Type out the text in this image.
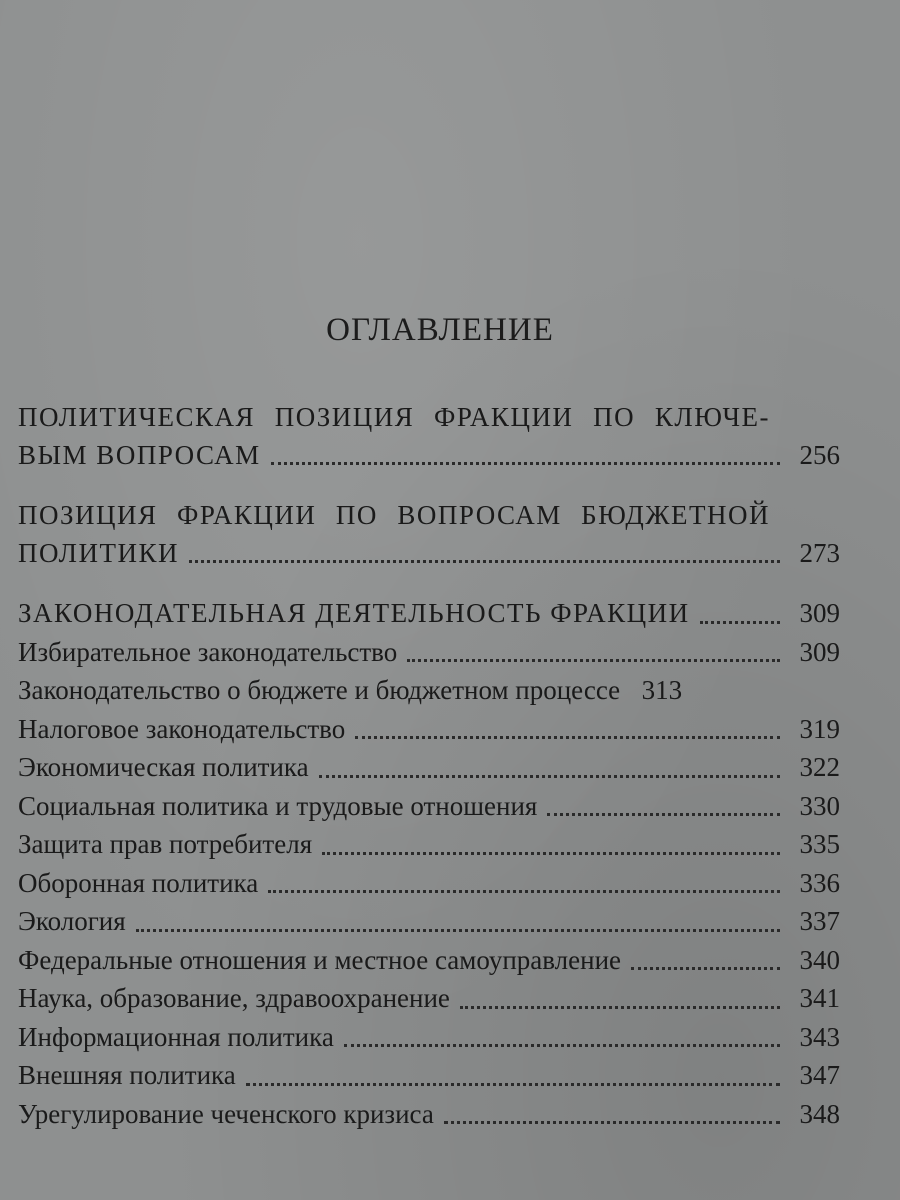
ОГЛАВЛЕНИЕ
ПОЛИТИЧЕСКАЯ ПОЗИЦИЯ ФРАКЦИИ ПО КЛЮЧЕ-
ВЫМ ВОПРОСАМ	256
ПОЗИЦИЯ ФРАКЦИИ ПО ВОПРОСАМ БЮДЖЕТНОЙ
ПОЛИТИКИ	273
ЗАКОНОДАТЕЛЬНАЯ ДЕЯТЕЛЬНОСТЬ ФРАКЦИИ	309
Избирательное законодательство	309
Законодательство о бюджете и бюджетном процессе 313
Налоговое законодательство	319
Экономическая политика	322
Социальная политика и трудовые отношения	330
Защита прав потребителя	335
Оборонная политика	336
Экология	337
Федеральные отношения и местное самоуправление	340
Наука, образование, здравоохранение	341
Информационная политика	343
Внешняя политика	347
Урегулирование чеченского кризиса	348
